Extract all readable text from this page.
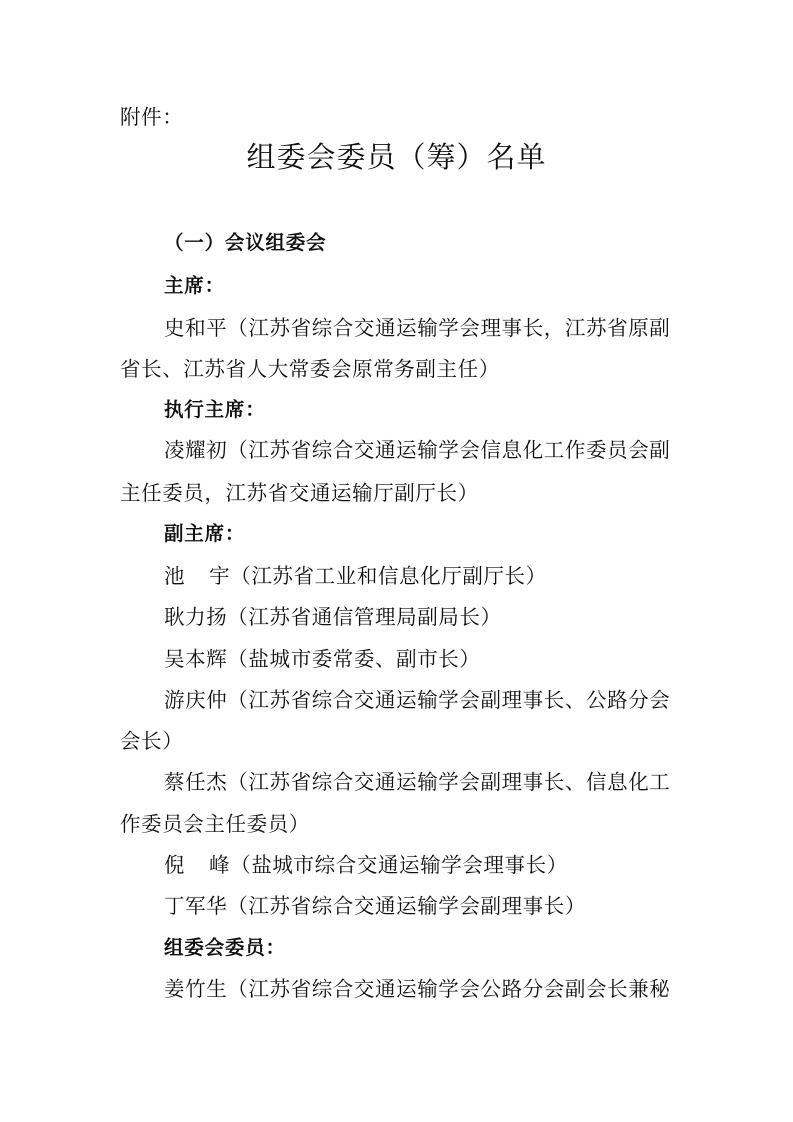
附件：
组委会委员（筹）名单
（一）会议组委会
主席：
史和平（江苏省综合交通运输学会理事长，江苏省原副
省长、江苏省人大常委会原常务副主任）
执行主席：
凌耀初（江苏省综合交通运输学会信息化工作委员会副
主任委员，江苏省交通运输厅副厅长）
副主席：
池 宇（江苏省工业和信息化厅副厅长）
耿力扬（江苏省通信管理局副局长）
吴本辉（盐城市委常委、副市长）
游庆仲（江苏省综合交通运输学会副理事长、公路分会
会长）
蔡任杰（江苏省综合交通运输学会副理事长、信息化工
作委员会主任委员）
倪 峰（盐城市综合交通运输学会理事长）
丁军华（江苏省综合交通运输学会副理事长）
组委会委员：
姜竹生（江苏省综合交通运输学会公路分会副会长兼秘
